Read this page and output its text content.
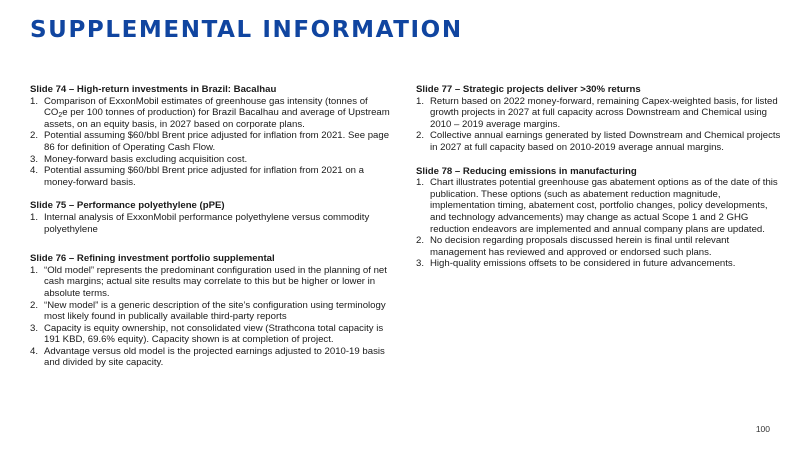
SUPPLEMENTAL INFORMATION

Slide 74 – High-return investments in Brazil: Bacalhau

1. Comparison of ExxonMobil estimates of greenhouse gas intensity (tonnes of $CO_2e$ per 100 tonnes of production) for Brazil Bacalhau and average of Upstream assets, on an equity basis, in 2027 based on corporate plans.
2. Potential assuming $60/bbl Brent price adjusted for inflation from 2021. See page 86 for definition of Operating Cash Flow.
3. Money-forward basis excluding acquisition cost.
4. Potential assuming $60/bbl Brent price adjusted for inflation from 2021 on a money-forward basis.

Slide 75 – Performance polyethylene (pPE)

1. Internal analysis of ExxonMobil performance polyethylene versus commodity polyethylene

Slide 76 – Refining investment portfolio supplemental

1. “Old model” represents the predominant configuration used in the planning of net cash margins; actual site results may correlate to this but be higher or lower in absolute terms.
2. “New model” is a generic description of the site’s configuration using terminology most likely found in publically available third-party reports
3. Capacity is equity ownership, not consolidated view (Strathcona total capacity is 191 KBD, 69.6% equity). Capacity shown is at completion of project.
4. Advantage versus old model is the projected earnings adjusted to 2010-19 basis and divided by site capacity.

Slide 77 – Strategic projects deliver >30% returns

1. Return based on 2022 money-forward, remaining Capex-weighted basis, for listed growth projects in 2027 at full capacity across Downstream and Chemical using 2010 – 2019 average margins.
2. Collective annual earnings generated by listed Downstream and Chemical projects in 2027 at full capacity based on 2010-2019 average annual margins.

Slide 78 – Reducing emissions in manufacturing

1. Chart illustrates potential greenhouse gas abatement options as of the date of this publication. These options (such as abatement reduction magnitude, implementation timing, abatement cost, portfolio changes, policy developments, and technology advancements) may change as actual Scope 1 and 2 GHG reduction endeavors are implemented and annual company plans are updated.
2. No decision regarding proposals discussed herein is final until relevant management has reviewed and approved or endorsed such plans.
3. High-quality emissions offsets to be considered in future advancements.
100
